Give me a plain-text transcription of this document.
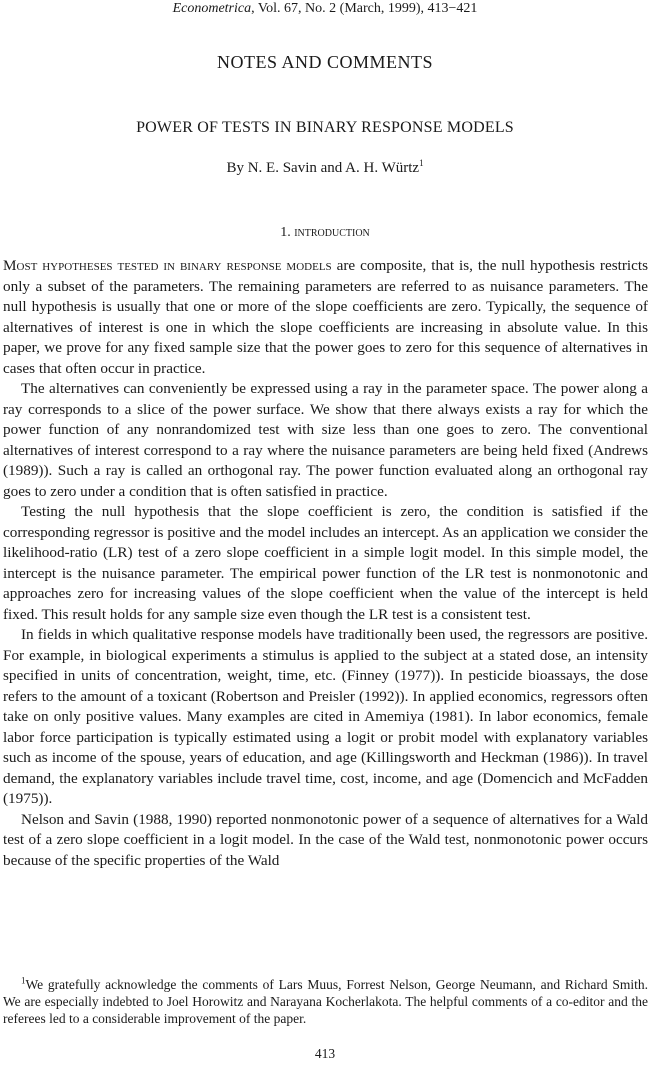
Econometrica, Vol. 67, No. 2 (March, 1999), 413−421
NOTES AND COMMENTS
POWER OF TESTS IN BINARY RESPONSE MODELS
By N. E. Savin and A. H. Würtz$^1$
1. introduction

Most hypotheses tested in binary response models are composite, that is, the null hypothesis restricts only a subset of the parameters. The remaining parameters are referred to as nuisance parameters. The null hypothesis is usually that one or more of the slope coefficients are zero. Typically, the sequence of alternatives of interest is one in which the slope coefficients are increasing in absolute value. In this paper, we prove for any fixed sample size that the power goes to zero for this sequence of alternatives in cases that often occur in practice.

The alternatives can conveniently be expressed using a ray in the parameter space. The power along a ray corresponds to a slice of the power surface. We show that there always exists a ray for which the power function of any nonrandomized test with size less than one goes to zero. The conventional alternatives of interest correspond to a ray where the nuisance parameters are being held fixed (Andrews (1989)). Such a ray is called an orthogonal ray. The power function evaluated along an orthogonal ray goes to zero under a condition that is often satisfied in practice.

Testing the null hypothesis that the slope coefficient is zero, the condition is satisfied if the corresponding regressor is positive and the model includes an intercept. As an application we consider the likelihood-ratio (LR) test of a zero slope coefficient in a simple logit model. In this simple model, the intercept is the nuisance parameter. The empirical power function of the LR test is nonmonotonic and approaches zero for increasing values of the slope coefficient when the value of the intercept is held fixed. This result holds for any sample size even though the LR test is a consistent test.

In fields in which qualitative response models have traditionally been used, the regressors are positive. For example, in biological experiments a stimulus is applied to the subject at a stated dose, an intensity specified in units of concentration, weight, time, etc. (Finney (1977)). In pesticide bioassays, the dose refers to the amount of a toxicant (Robertson and Preisler (1992)). In applied economics, regressors often take on only positive values. Many examples are cited in Amemiya (1981). In labor economics, female labor force participation is typically estimated using a logit or probit model with explanatory variables such as income of the spouse, years of education, and age (Killingsworth and Heckman (1986)). In travel demand, the explanatory variables include travel time, cost, income, and age (Domencich and McFadden (1975)).

Nelson and Savin (1988, 1990) reported nonmonotonic power of a sequence of alternatives for a Wald test of a zero slope coefficient in a logit model. In the case of the Wald test, nonmonotonic power occurs because of the specific properties of the Wald

$^1$We gratefully acknowledge the comments of Lars Muus, Forrest Nelson, George Neumann, and Richard Smith. We are especially indebted to Joel Horowitz and Narayana Kocherlakota. The helpful comments of a co-editor and the referees led to a considerable improvement of the paper.
413
